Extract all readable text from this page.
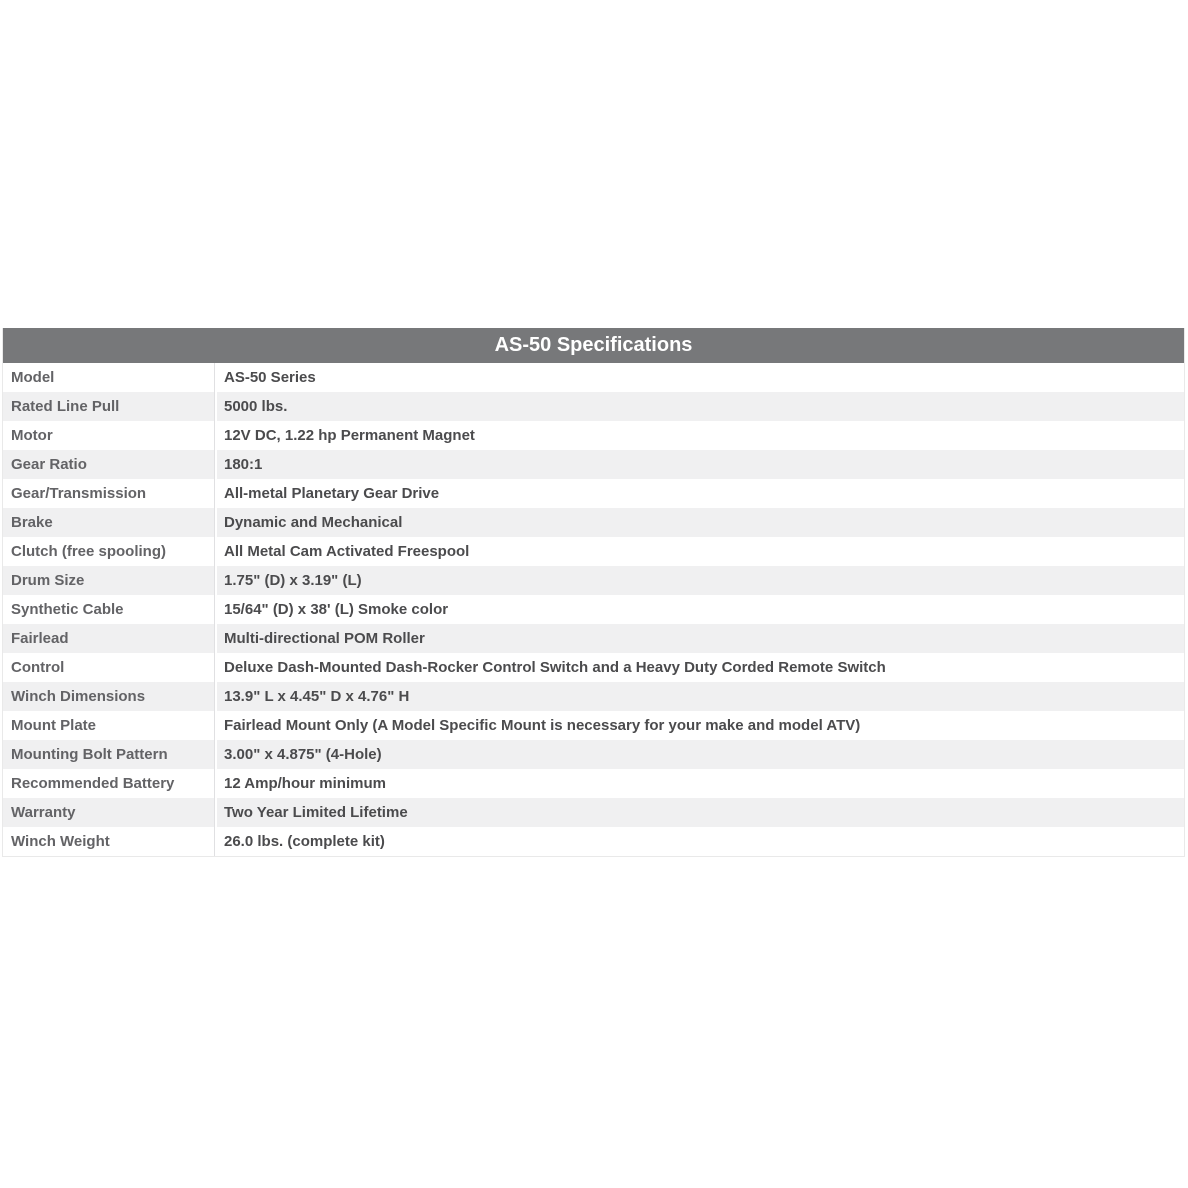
AS-50 Specifications	
Model	AS-50 Series
Rated Line Pull	5000 lbs.
Motor	12V DC, 1.22 hp Permanent Magnet
Gear Ratio	180:1
Gear/Transmission	All-metal Planetary Gear Drive
Brake	Dynamic and Mechanical
Clutch (free spooling)	All Metal Cam Activated Freespool
Drum Size	1.75" (D) x 3.19" (L)
Synthetic Cable	15/64" (D) x 38' (L) Smoke color
Fairlead	Multi-directional POM Roller
Control	Deluxe Dash-Mounted Dash-Rocker Control Switch and a Heavy Duty Corded Remote Switch
Winch Dimensions	13.9" L x 4.45" D x 4.76" H
Mount Plate	Fairlead Mount Only (A Model Specific Mount is necessary for your make and model ATV)
Mounting Bolt Pattern	3.00" x 4.875" (4-Hole)
Recommended Battery	12 Amp/hour minimum
Warranty	Two Year Limited Lifetime
Winch Weight	26.0 lbs. (complete kit)
